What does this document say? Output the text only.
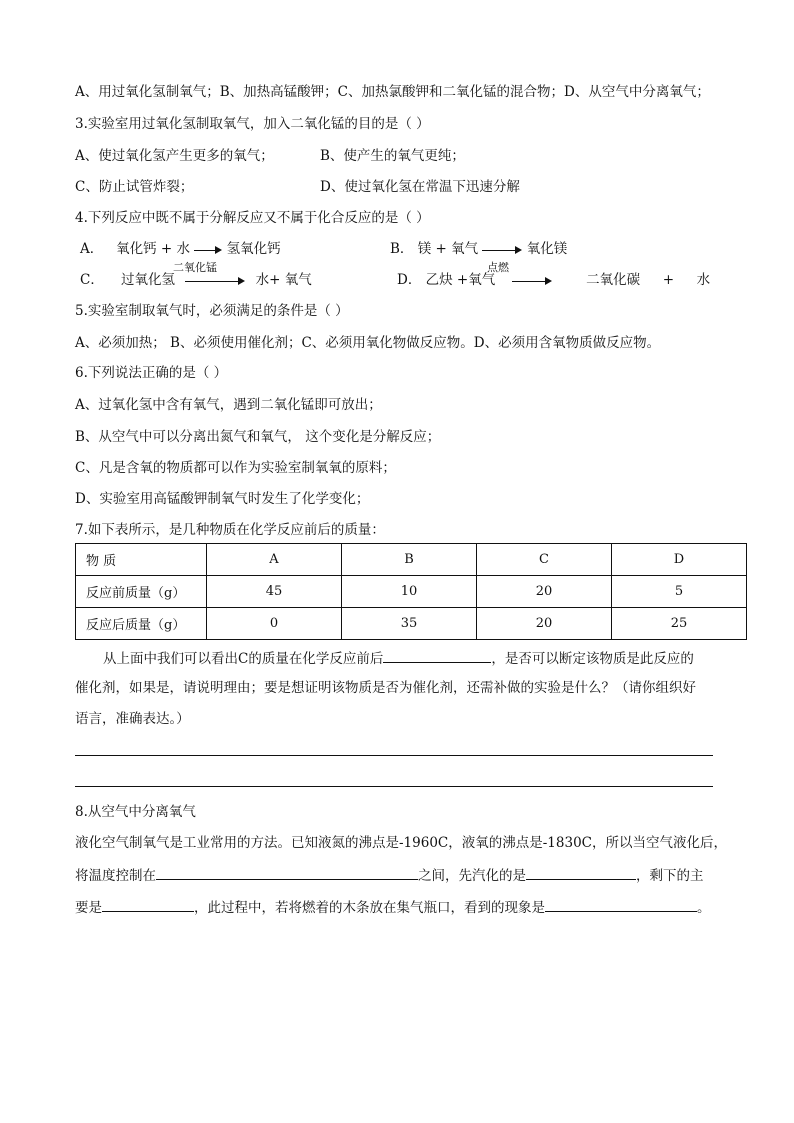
A、用过氧化氢制氧气；B、加热高锰酸钾；C、加热氯酸钾和二氧化锰的混合物；D、从空气中分离氧气；
3.实验室用过氧化氢制取氧气，加入二氧化锰的目的是（ ）
A、使过氧化氢产生更多的氧气；	B、使产生的氧气更纯；
C、防止试管炸裂；	D、使过氧化氢在常温下迅速分解
4.下列反应中既不属于分解反应又不属于化合反应的是（ ）
A． 氧化钙 + 水	氢氧化钙	B． 镁 + 氧气	氧化镁
C． 过氧化氢	水+ 氧气
二氧化锰
D． 乙炔 +氧气	二氧化碳 + 水
点燃
5.实验室制取氧气时，必须满足的条件是（ ）
A、必须加热； B、必须使用催化剂；C、必须用氧化物做反应物。D、必须用含氧物质做反应物。
6.下列说法正确的是（ ）
A、过氧化氢中含有氧气，遇到二氧化锰即可放出；
B、从空气中可以分离出氮气和氧气， 这个变化是分解反应；
C、凡是含氧的物质都可以作为实验室制氧氧的原料；
D、实验室用高锰酸钾制氧气时发生了化学变化；
7.如下表所示，是几种物质在化学反应前后的质量：
物 质	A	B	C	D
反应前质量（g）	45	10	20	5
反应后质量（g）	0	35	20	25
从上面中我们可以看出C的质量在化学反应前后	，是否可以断定该物质是此反应的
催化剂，如果是，请说明理由；要是想证明该物质是否为催化剂，还需补做的实验是什么？（请你组织好
语言，准确表达。）
8.从空气中分离氧气
液化空气制氧气是工业常用的方法。已知液氮的沸点是-1960C，液氧的沸点是-1830C，所以当空气液化后，
将温度控制在	之间，先汽化的是	，剩下的主
要是	，此过程中，若将燃着的木条放在集气瓶口，看到的现象是	。
